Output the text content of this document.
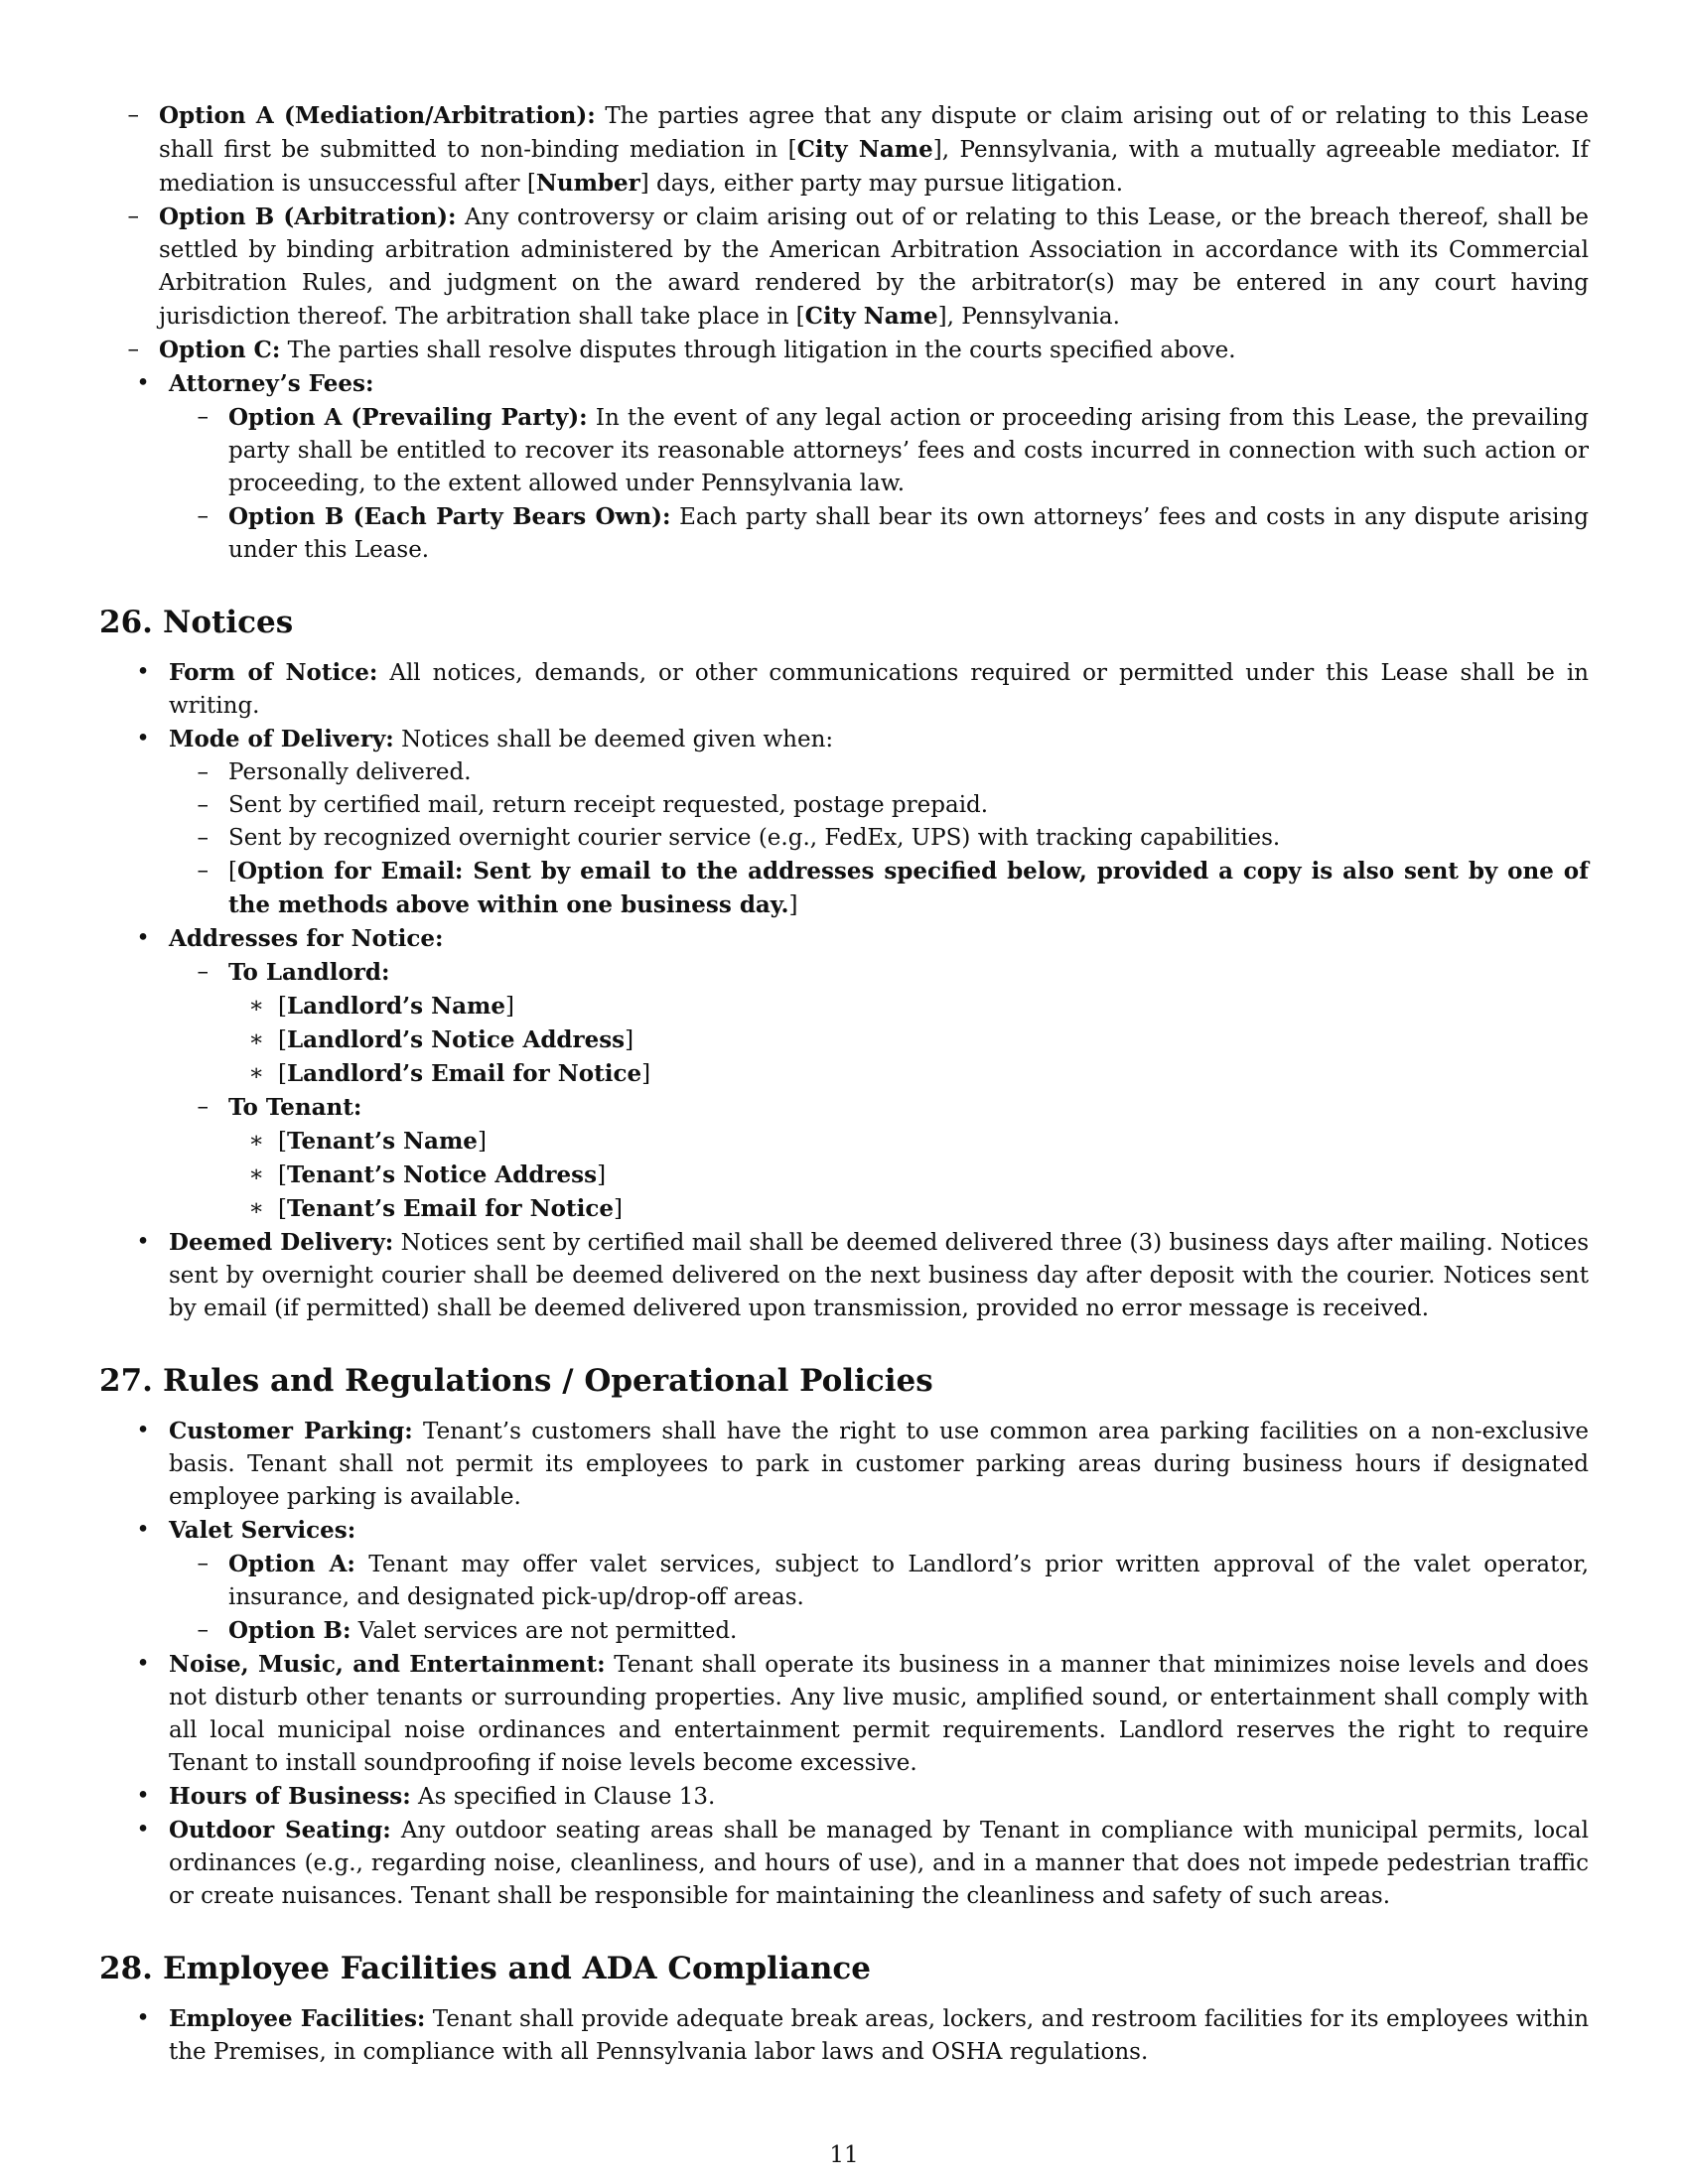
– Option A (Mediation/Arbitration): The parties agree that any dispute or claim arising out of or relating to this Lease shall first be submitted to non-binding mediation in [City Name], Pennsylvania, with a mutually agreeable mediator. If mediation is unsuccessful after [Number] days, either party may pursue litigation.
– Option B (Arbitration): Any controversy or claim arising out of or relating to this Lease, or the breach thereof, shall be settled by binding arbitration administered by the American Arbitration Association in accordance with its Commercial Arbitration Rules, and judgment on the award rendered by the arbitrator(s) may be entered in any court having jurisdiction thereof. The arbitration shall take place in [City Name], Pennsylvania.
– Option C: The parties shall resolve disputes through litigation in the courts specified above.
• Attorney’s Fees:
– Option A (Prevailing Party): In the event of any legal action or proceeding arising from this Lease, the prevailing party shall be entitled to recover its reasonable attorneys’ fees and costs incurred in connection with such action or proceeding, to the extent allowed under Pennsylvania law.
– Option B (Each Party Bears Own): Each party shall bear its own attorneys’ fees and costs in any dispute arising under this Lease.
26. Notices
• Form of Notice: All notices, demands, or other communications required or permitted under this Lease shall be in writing.
• Mode of Delivery: Notices shall be deemed given when:
– Personally delivered.
– Sent by certified mail, return receipt requested, postage prepaid.
– Sent by recognized overnight courier service (e.g., FedEx, UPS) with tracking capabilities.
– [Option for Email: Sent by email to the addresses specified below, provided a copy is also sent by one of the methods above within one business day.]
• Addresses for Notice:
– To Landlord:
∗ [Landlord’s Name]
∗ [Landlord’s Notice Address]
∗ [Landlord’s Email for Notice]
– To Tenant:
∗ [Tenant’s Name]
∗ [Tenant’s Notice Address]
∗ [Tenant’s Email for Notice]
• Deemed Delivery: Notices sent by certified mail shall be deemed delivered three (3) business days after mailing. Notices sent by overnight courier shall be deemed delivered on the next business day after deposit with the courier. Notices sent by email (if permitted) shall be deemed delivered upon transmission, provided no error message is received.
27. Rules and Regulations / Operational Policies
• Customer Parking: Tenant’s customers shall have the right to use common area parking facilities on a non-exclusive basis. Tenant shall not permit its employees to park in customer parking areas during business hours if designated employee parking is available.
• Valet Services:
– Option A: Tenant may offer valet services, subject to Landlord’s prior written approval of the valet operator, insurance, and designated pick-up/drop-off areas.
– Option B: Valet services are not permitted.
• Noise, Music, and Entertainment: Tenant shall operate its business in a manner that minimizes noise levels and does not disturb other tenants or surrounding properties. Any live music, amplified sound, or entertainment shall comply with all local municipal noise ordinances and entertainment permit requirements. Landlord reserves the right to require Tenant to install soundproofing if noise levels become excessive.
• Hours of Business: As specified in Clause 13.
• Outdoor Seating: Any outdoor seating areas shall be managed by Tenant in compliance with municipal permits, local ordinances (e.g., regarding noise, cleanliness, and hours of use), and in a manner that does not impede pedestrian traffic or create nuisances. Tenant shall be responsible for maintaining the cleanliness and safety of such areas.
28. Employee Facilities and ADA Compliance
• Employee Facilities: Tenant shall provide adequate break areas, lockers, and restroom facilities for its employees within the Premises, in compliance with all Pennsylvania labor laws and OSHA regulations.
11
